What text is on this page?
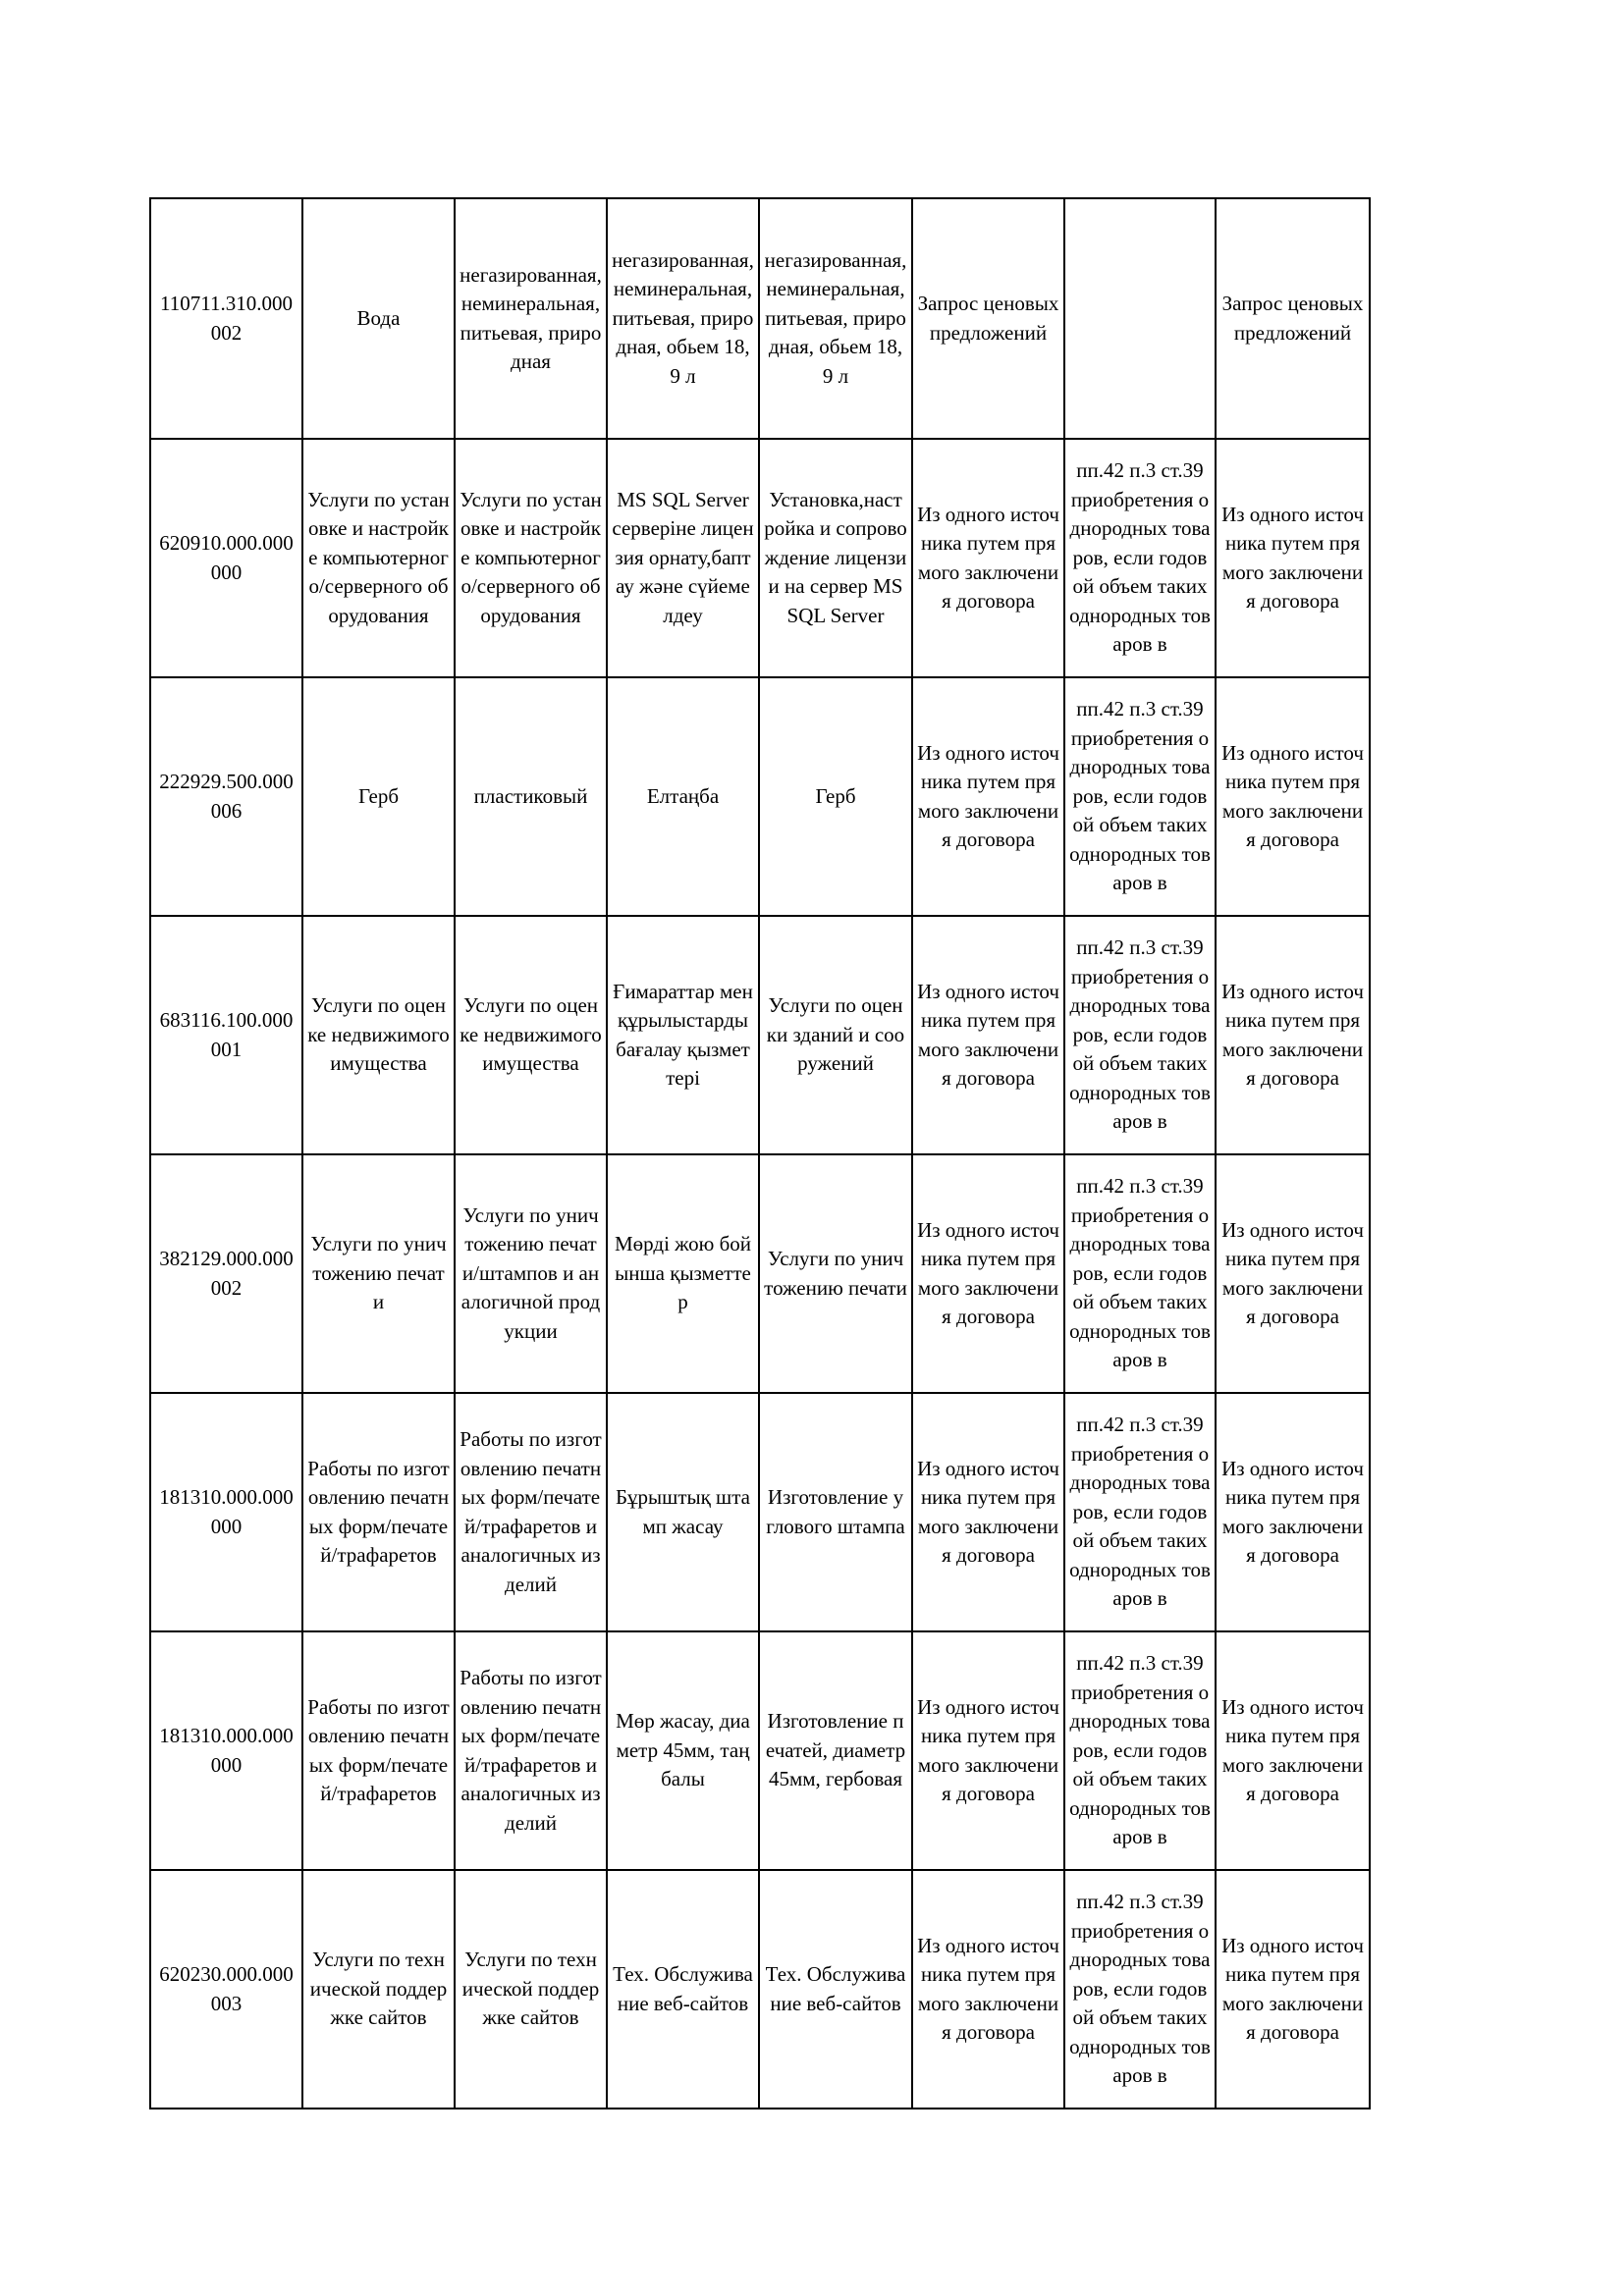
110711.310.000002	Вода	негазированная, неминеральная, питьевая, природная	негазированная, неминеральная, питьевая, природная, обьем 18,9 л	негазированная, неминеральная, питьевая, природная, обьем 18,9 л	Запрос ценовых предложений		Запрос ценовых предложений
620910.000.000000	Услуги по установке и настройке компьютерного/серверного оборудования	Услуги по установке и настройке компьютерного/серверного оборудования	MS SQL Server серверіне лицензия орнату,баптау және сүйемелдеу	Установка,настройка и сопровождение лицензии на сервер MS SQL Server	Из одного источника путем прямого заключения договора	пп.42 п.3 ст.39 приобретения однородных товаров, если годовой объем таких однородных товаров в	Из одного источника путем прямого заключения договора
222929.500.000006	Герб	пластиковый	Елтаңба	Герб	Из одного источника путем прямого заключения договора	пп.42 п.3 ст.39 приобретения однородных товаров, если годовой объем таких однородных товаров в	Из одного источника путем прямого заключения договора
683116.100.000001	Услуги по оценке недвижимого имущества	Услуги по оценке недвижимого имущества	Ғимараттар мен құрылыстарды бағалау қызметтері	Услуги по оценки зданий и сооружений	Из одного источника путем прямого заключения договора	пп.42 п.3 ст.39 приобретения однородных товаров, если годовой объем таких однородных товаров в	Из одного источника путем прямого заключения договора
382129.000.000002	Услуги по уничтожению печати	Услуги по уничтожению печати/штампов и аналогичной продукции	Мөрді жою бойынша қызметтер	Услуги по уничтожению печати	Из одного источника путем прямого заключения договора	пп.42 п.3 ст.39 приобретения однородных товаров, если годовой объем таких однородных товаров в	Из одного источника путем прямого заключения договора
181310.000.000000	Работы по изготовлению печатных форм/печатей/трафаретов	Работы по изготовлению печатных форм/печатей/трафаретов и аналогичных изделий	Бұрыштық штамп жасау	Изготовление углового штампа	Из одного источника путем прямого заключения договора	пп.42 п.3 ст.39 приобретения однородных товаров, если годовой объем таких однородных товаров в	Из одного источника путем прямого заключения договора
181310.000.000000	Работы по изготовлению печатных форм/печатей/трафаретов	Работы по изготовлению печатных форм/печатей/трафаретов и аналогичных изделий	Мөр жасау, диаметр 45мм, таңбалы	Изготовление печатей, диаметр 45мм, гербовая	Из одного источника путем прямого заключения договора	пп.42 п.3 ст.39 приобретения однородных товаров, если годовой объем таких однородных товаров в	Из одного источника путем прямого заключения договора
620230.000.000003	Услуги по технической поддержке сайтов	Услуги по технической поддержке сайтов	Тех. Обслуживание веб-сайтов	Тех. Обслуживание веб-сайтов	Из одного источника путем прямого заключения договора	пп.42 п.3 ст.39 приобретения однородных товаров, если годовой объем таких однородных товаров в	Из одного источника путем прямого заключения договора
